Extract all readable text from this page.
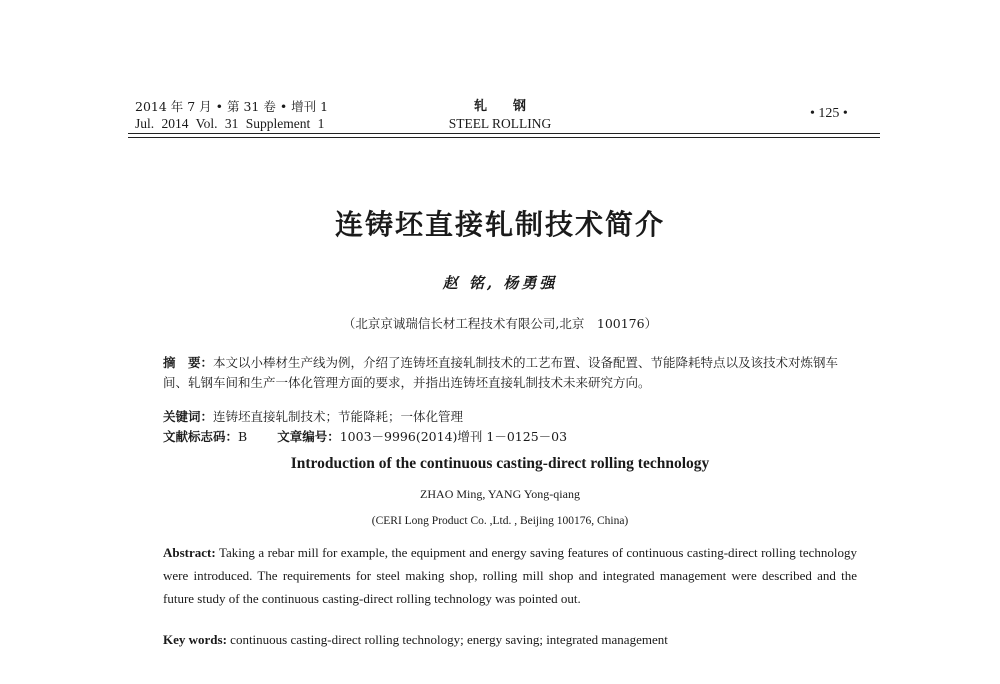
2014 年 7 月 • 第 31 卷 • 增刊 1
Jul. 2014 Vol. 31 Supplement 1
轧钢
STEEL ROLLING
• 125 •
连铸坯直接轧制技术简介
赵 铭, 杨勇强
（北京京诚瑞信长材工程技术有限公司,北京　100176）
摘　要：本文以小棒材生产线为例，介绍了连铸坯直接轧制技术的工艺布置、设备配置、节能降耗特点以及该技术对炼钢车间、轧钢车间和生产一体化管理方面的要求，并指出连铸坯直接轧制技术未来研究方向。
关键词：连铸坯直接轧制技术；节能降耗；一体化管理
文献标志码：B 文章编号：1003－9996(2014)增刊 1－0125－03
Introduction of the continuous casting-direct rolling technology
ZHAO Ming, YANG Yong-qiang
(CERI Long Product Co. ,Ltd. , Beijing 100176, China)
Abstract: Taking a rebar mill for example, the equipment and energy saving features of continuous casting-direct rolling technology were introduced. The requirements for steel making shop, rolling mill shop and integrated management were described and the future study of the continuous casting-direct rolling technology was pointed out.
Key words: continuous casting-direct rolling technology; energy saving; integrated management
